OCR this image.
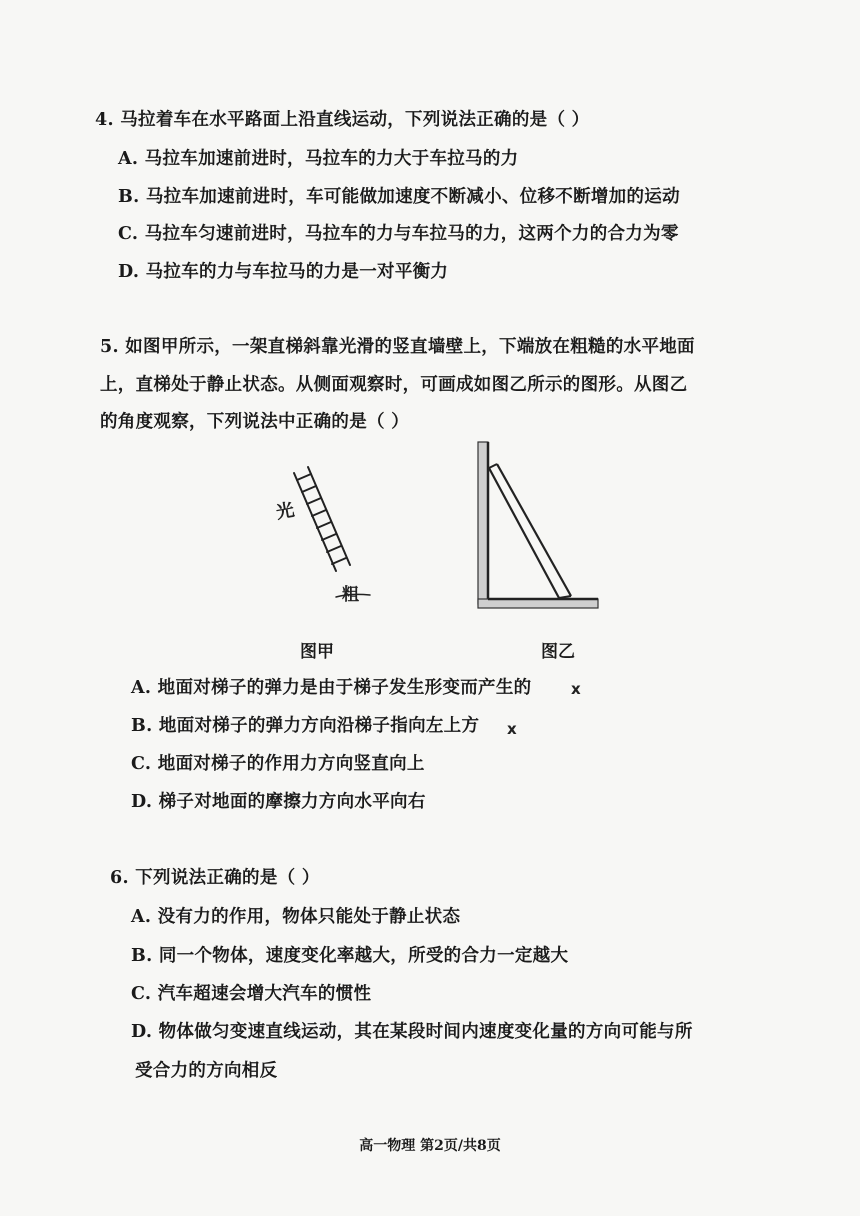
4. 马拉着车在水平路面上沿直线运动，下列说法正确的是（ ）
A. 马拉车加速前进时，马拉车的力大于车拉马的力
B. 马拉车加速前进时，车可能做加速度不断减小、位移不断增加的运动
C. 马拉车匀速前进时，马拉车的力与车拉马的力，这两个力的合力为零
D. 马拉车的力与车拉马的力是一对平衡力
5. 如图甲所示，一架直梯斜靠光滑的竖直墙壁上，下端放在粗糙的水平地面
上，直梯处于静止状态。从侧面观察时，可画成如图乙所示的图形。从图乙
的角度观察，下列说法中正确的是（ ）
光
粗
图甲	图乙
A. 地面对梯子的弹力是由于梯子发生形变而产生的	x
B. 地面对梯子的弹力方向沿梯子指向左上方 x
C. 地面对梯子的作用力方向竖直向上
D. 梯子对地面的摩擦力方向水平向右
6. 下列说法正确的是（ ）
A. 没有力的作用，物体只能处于静止状态
B. 同一个物体，速度变化率越大，所受的合力一定越大
C. 汽车超速会增大汽车的惯性
D. 物体做匀变速直线运动，其在某段时间内速度变化量的方向可能与所
受合力的方向相反
高一物理 第2页/共8页
